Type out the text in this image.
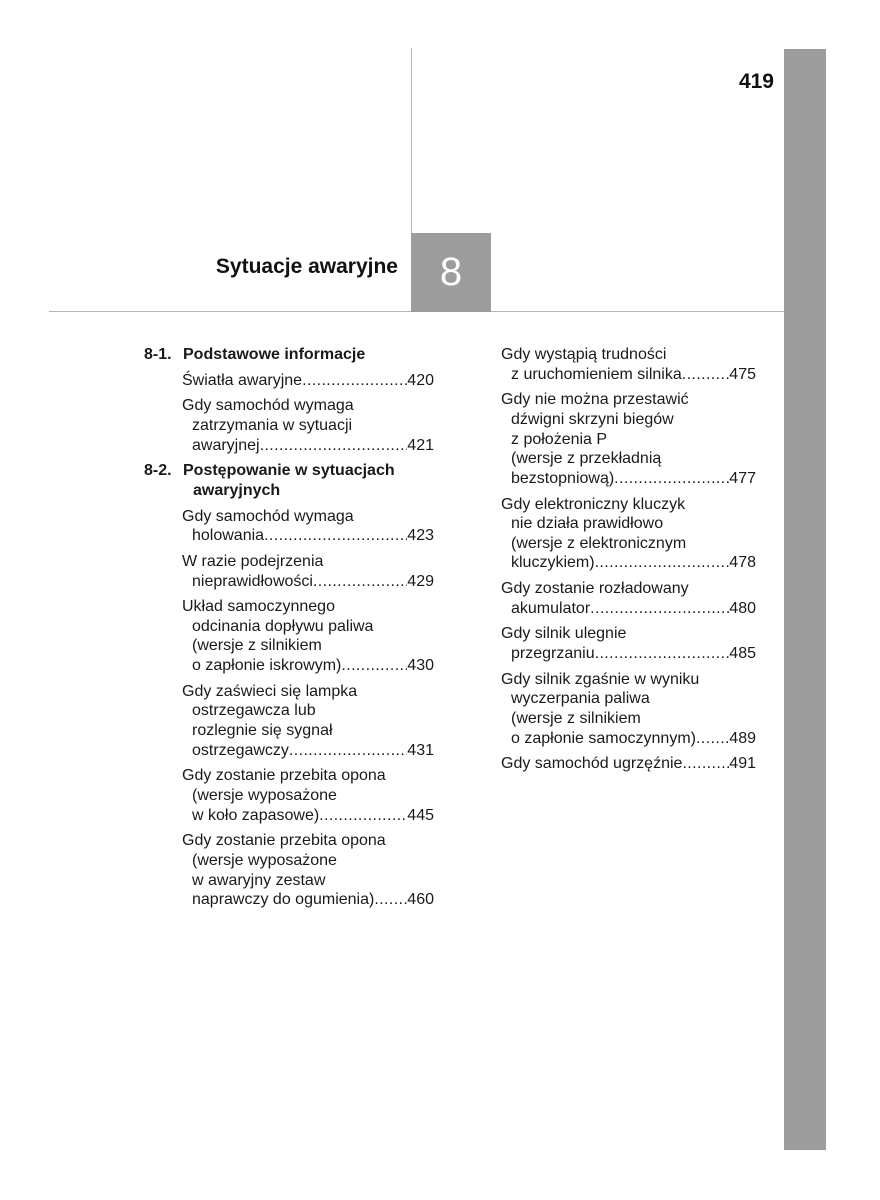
419
Sytuacje awaryjne 8
8-1. Podstawowe informacje
Światła awaryjne .....	420
Gdy samochód wymaga
zatrzymania w sytuacji
awaryjnej .....	421
8-2. Postępowanie w sytuacjach
awaryjnych
Gdy samochód wymaga
holowania .....	423
W razie podejrzenia
nieprawidłowości .....	429
Układ samoczynnego
odcinania dopływu paliwa
(wersje z silnikiem
o zapłonie iskrowym) .....	430
Gdy zaświeci się lampka
ostrzegawcza lub
rozlegnie się sygnał
ostrzegawczy .....	431
Gdy zostanie przebita opona
(wersje wyposażone
w koło zapasowe) .....	445
Gdy zostanie przebita opona
(wersje wyposażone
w awaryjny zestaw
naprawczy do ogumienia) ..... 460
Gdy wystąpią trudności
z uruchomieniem silnika .....	475
Gdy nie można przestawić
dźwigni skrzyni biegów
z położenia P
(wersje z przekładnią
bezstopniową) .....	477
Gdy elektroniczny kluczyk
nie działa prawidłowo
(wersje z elektronicznym
kluczykiem) .....	478
Gdy zostanie rozładowany
akumulator .....	480
Gdy silnik ulegnie
przegrzaniu .....	485
Gdy silnik zgaśnie w wyniku
wyczerpania paliwa
(wersje z silnikiem
o zapłonie samoczynnym) ..... 489
Gdy samochód ugrzęźnie .....	491
